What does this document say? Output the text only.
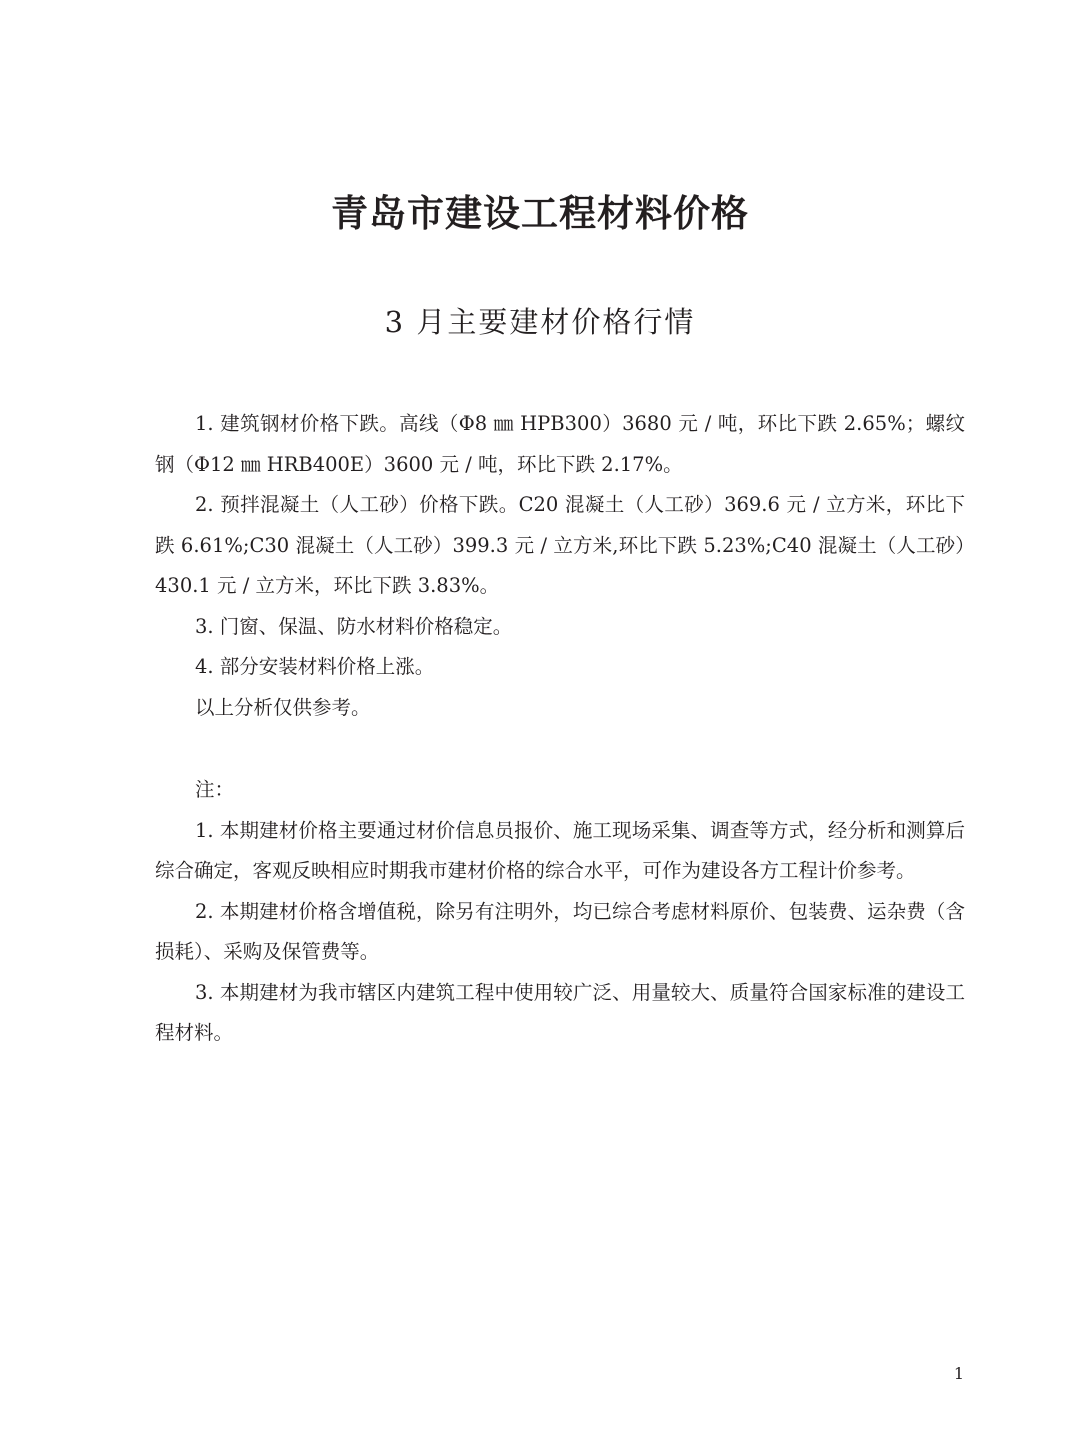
青岛市建设工程材料价格
3 月主要建材价格行情

1. 建筑钢材价格下跌。高线（Φ8 ㎜ HPB300）3680 元 / 吨，环比下跌 2.65%；螺纹钢（Φ12 ㎜ HRB400E）3600 元 / 吨，环比下跌 2.17%。

2. 预拌混凝土（人工砂）价格下跌。C20 混凝土（人工砂）369.6 元 / 立方米，环比下跌 6.61%;C30 混凝土（人工砂）399.3 元 / 立方米,环比下跌 5.23%;C40 混凝土（人工砂）430.1 元 / 立方米，环比下跌 3.83%。

3. 门窗、保温、防水材料价格稳定。

4. 部分安装材料价格上涨。

以上分析仅供参考。

注：

1. 本期建材价格主要通过材价信息员报价、施工现场采集、调查等方式，经分析和测算后综合确定，客观反映相应时期我市建材价格的综合水平，可作为建设各方工程计价参考。

2. 本期建材价格含增值税，除另有注明外，均已综合考虑材料原价、包装费、运杂费（含损耗）、采购及保管费等。

3. 本期建材为我市辖区内建筑工程中使用较广泛、用量较大、质量符合国家标准的建设工程材料。

1
